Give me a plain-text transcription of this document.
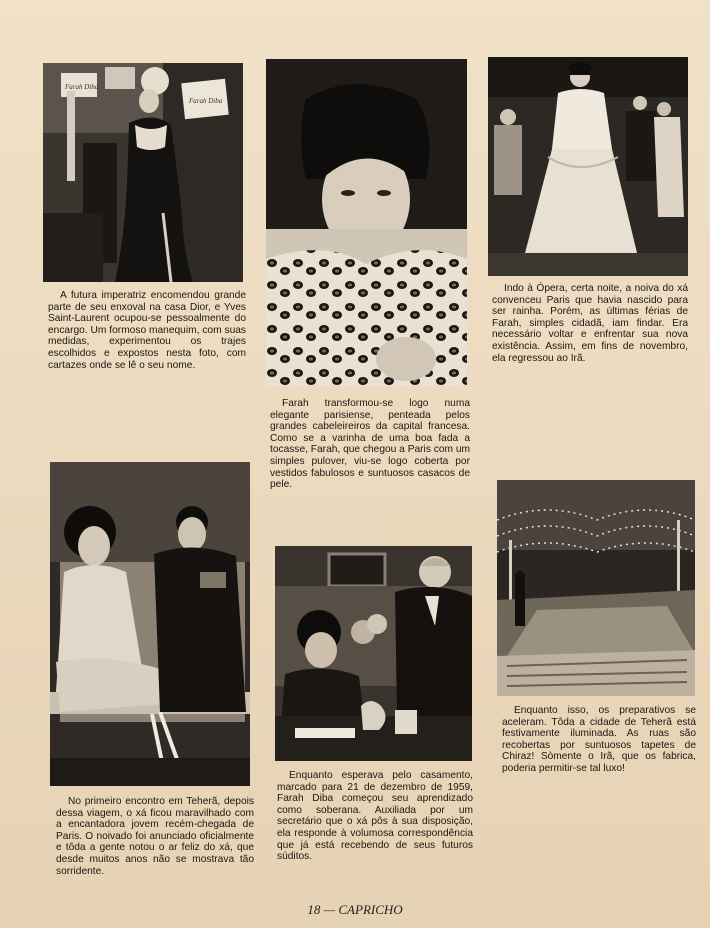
Farah Diba
Farah Diba

A futura imperatriz encomendou grande parte de seu enxoval na casa Dior, e Yves Saint-Laurent ocupou-se pessoalmente do encargo. Um formoso manequim, com suas medidas, experimentou os trajes escolhidos e expostos nesta foto, com cartazes onde se lê o seu nome.

Farah transformou-se logo numa elegante parisiense, penteada pelos grandes cabeleireiros da capital francesa. Como se a varinha de uma boa fada a tocasse, Farah, que chegou a Paris com um simples pulover, viu-se logo coberta por vestidos fabulosos e suntuosos casacos de pele.

Indo à Ópera, certa noite, a noiva do xá convenceu Paris que havia nascido para ser rainha. Porém, as últimas férias de Farah, simples cidadã, iam findar. Era necessário voltar e enfrentar sua nova existência. Assim, em fins de novembro, ela regressou ao Irã.

No primeiro encontro em Teherã, depois dessa viagem, o xá ficou maravilhado com a encantadora jovem recém-chegada de Paris. O noivado foi anunciado oficialmente e tôda a gente notou o ar feliz do xá, que desde muitos anos não se mostrava tão sorridente.

Enquanto esperava pelo casamento, marcado para 21 de dezembro de 1959, Farah Diba começou seu aprendizado como soberana. Auxiliada por um secretário que o xá pôs à sua disposição, ela responde à volumosa correspondência que já está recebendo de seus futuros súditos.

Enquanto isso, os preparativos se aceleram. Tôda a cidade de Teherã está festivamente iluminada. As ruas são recobertas por suntuosos tapetes de Chiraz! Sòmente o Irã, que os fabrica, poderia permitir-se tal luxo!

18 — CAPRICHO
